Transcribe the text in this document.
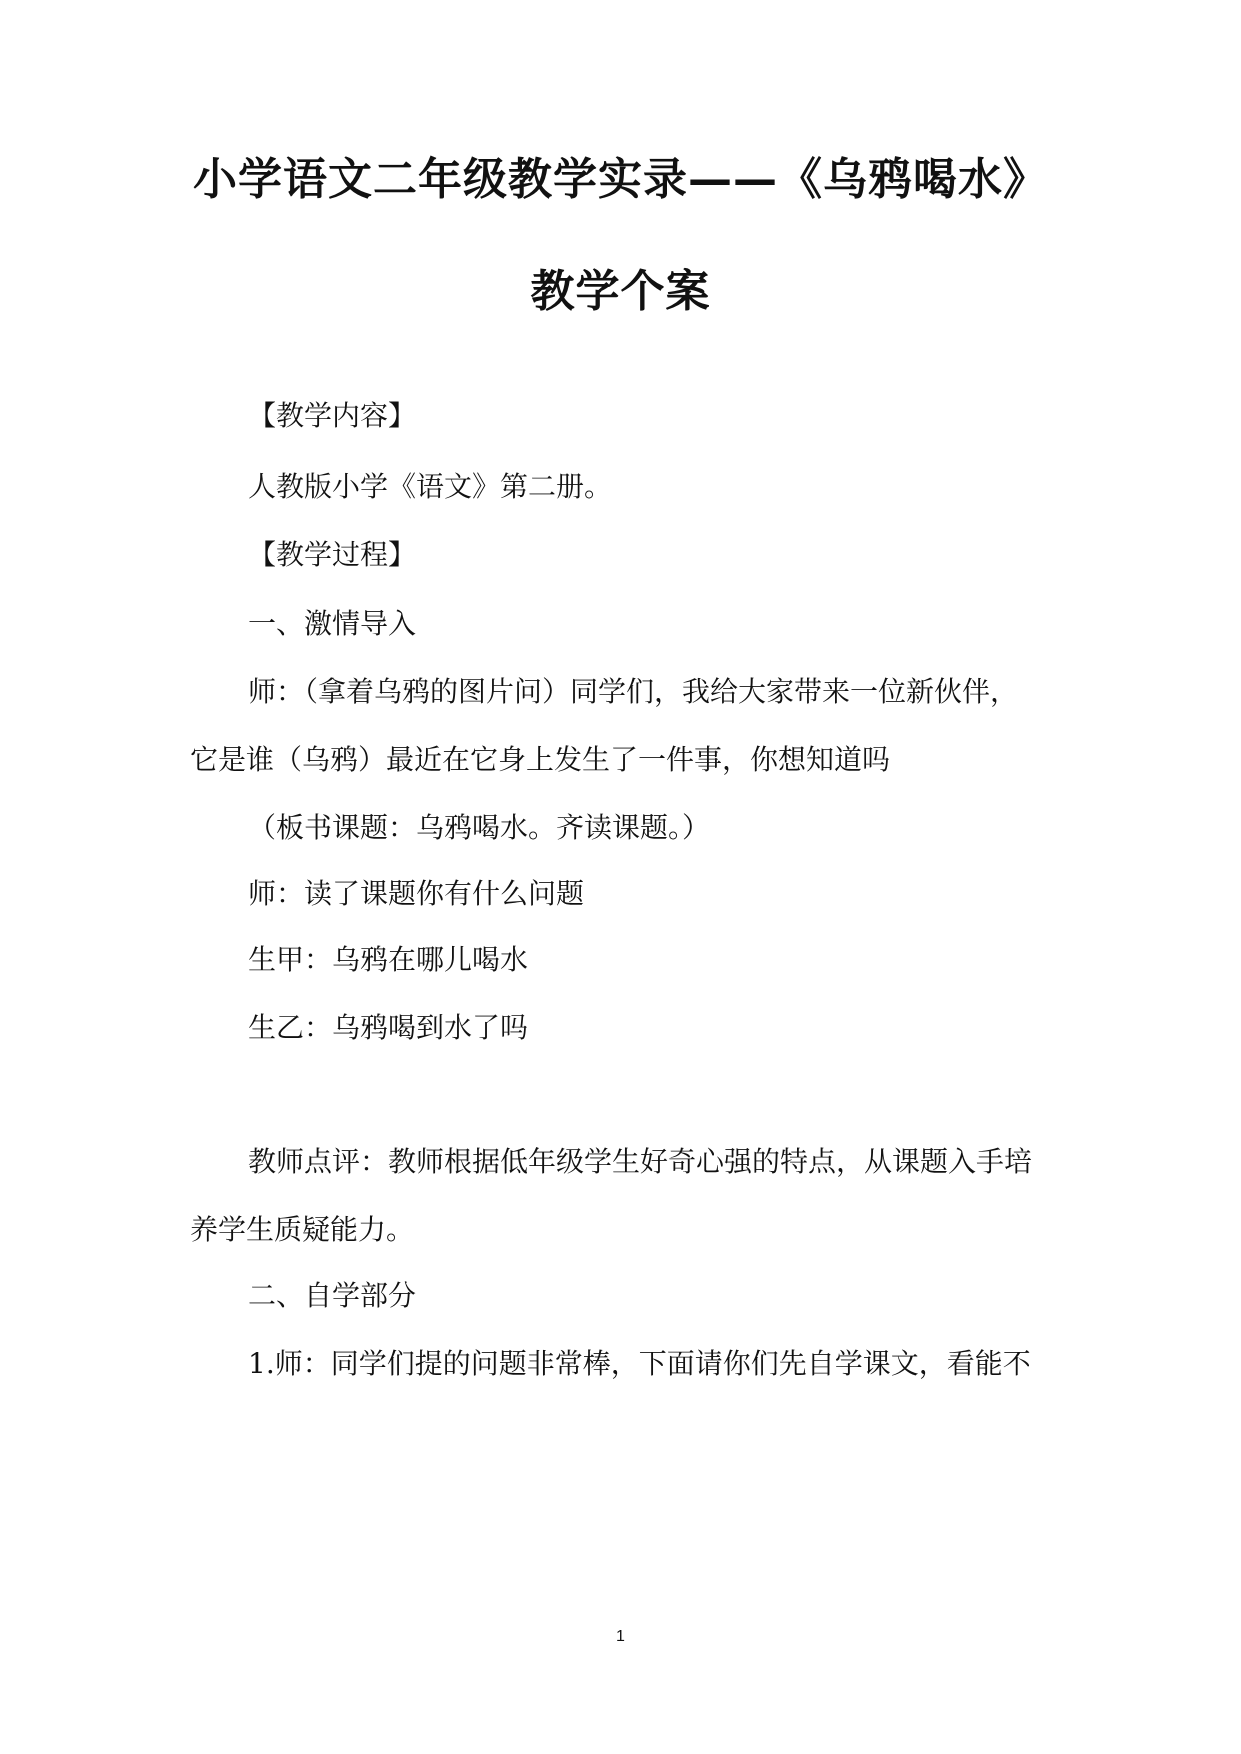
小学语文二年级教学实录——《乌鸦喝水》
教学个案
【教学内容】
人教版小学《语文》第二册。
【教学过程】
一、激情导入
师：（拿着乌鸦的图片问）同学们，我给大家带来一位新伙伴，
它是谁（乌鸦）最近在它身上发生了一件事，你想知道吗
（板书课题：乌鸦喝水。齐读课题。）
师：读了课题你有什么问题
生甲：乌鸦在哪儿喝水
生乙：乌鸦喝到水了吗
教师点评：教师根据低年级学生好奇心强的特点，从课题入手培
养学生质疑能力。
二、自学部分
1.师：同学们提的问题非常棒，下面请你们先自学课文，看能不
1
